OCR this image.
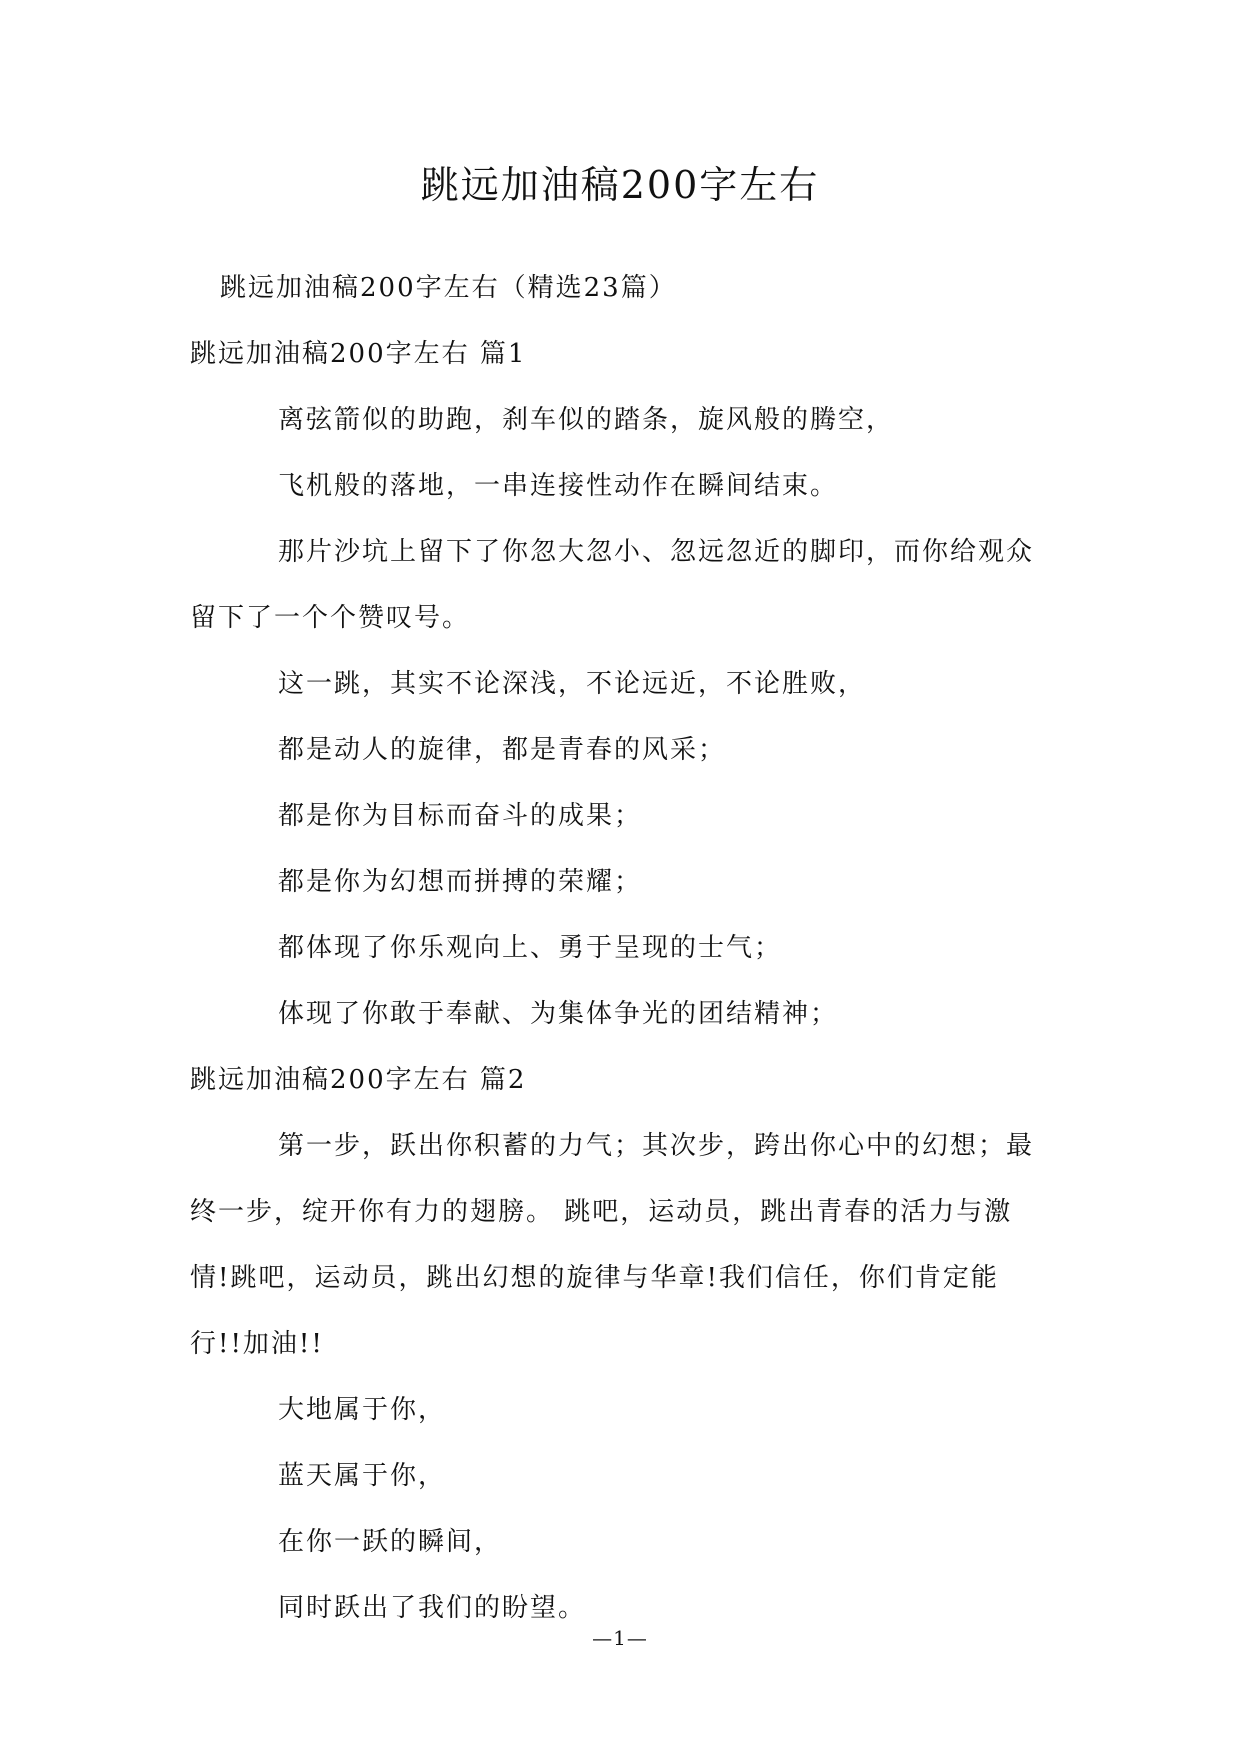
跳远加油稿200字左右

跳远加油稿200字左右（精选23篇）

跳远加油稿200字左右 篇1

离弦箭似的助跑，刹车似的踏条，旋风般的腾空，

飞机般的落地，一串连接性动作在瞬间结束。

那片沙坑上留下了你忽大忽小、忽远忽近的脚印，而你给观众留下了一个个赞叹号。

这一跳，其实不论深浅，不论远近，不论胜败，

都是动人的旋律，都是青春的风采；

都是你为目标而奋斗的成果；

都是你为幻想而拼搏的荣耀；

都体现了你乐观向上、勇于呈现的士气；

体现了你敢于奉献、为集体争光的团结精神；

跳远加油稿200字左右 篇2

第一步，跃出你积蓄的力气；其次步，跨出你心中的幻想；最终一步，绽开你有力的翅膀。 跳吧，运动员，跳出青春的活力与激情!跳吧，运动员，跳出幻想的旋律与华章!我们信任，你们肯定能行!!加油!!

大地属于你，

蓝天属于你，

在你一跃的瞬间，

同时跃出了我们的盼望。

—1—
